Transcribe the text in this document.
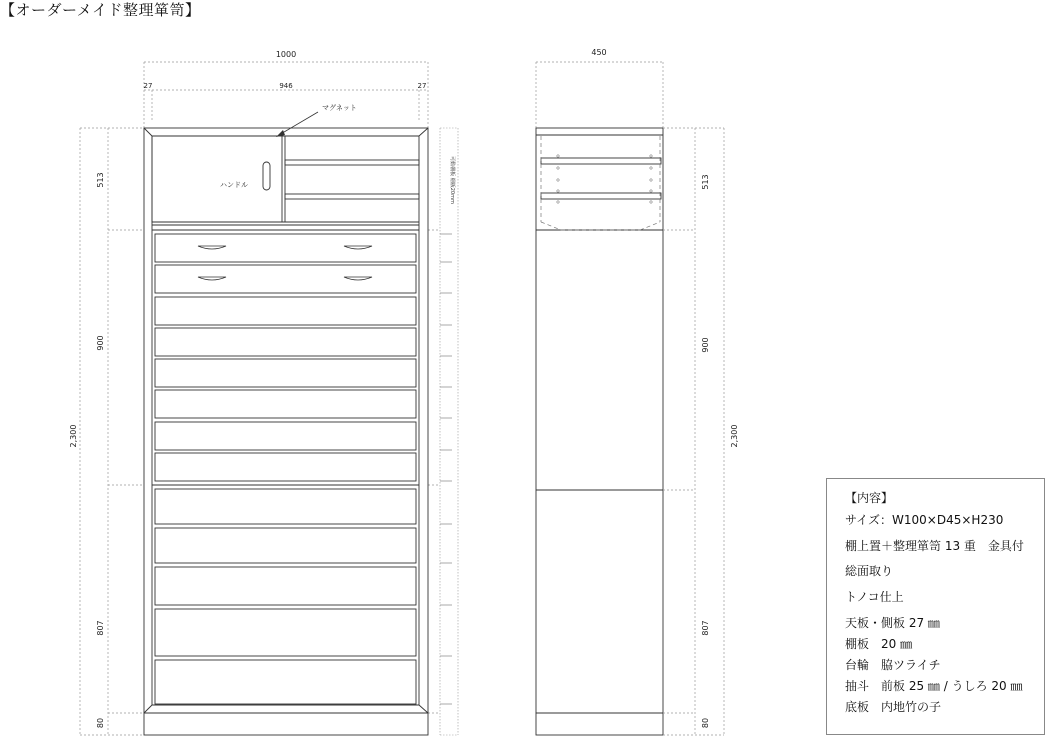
【オーダーメイド整理箪笥】
1000
27	946	27
マグネット
513
900
807
80
2,300
ハンドル	可動棚板 棚板20mm
450
513
900
807
80
2,300
【内容】
サイズ：W100×D45×H230
棚上置＋整理箪笥 13 重　金具付
総面取り
トノコ仕上
天板・側板 27 ㎜
棚板　20 ㎜
台輪　脇ツライチ
抽斗　前板 25 ㎜ / うしろ 20 ㎜
底板　内地竹の子
